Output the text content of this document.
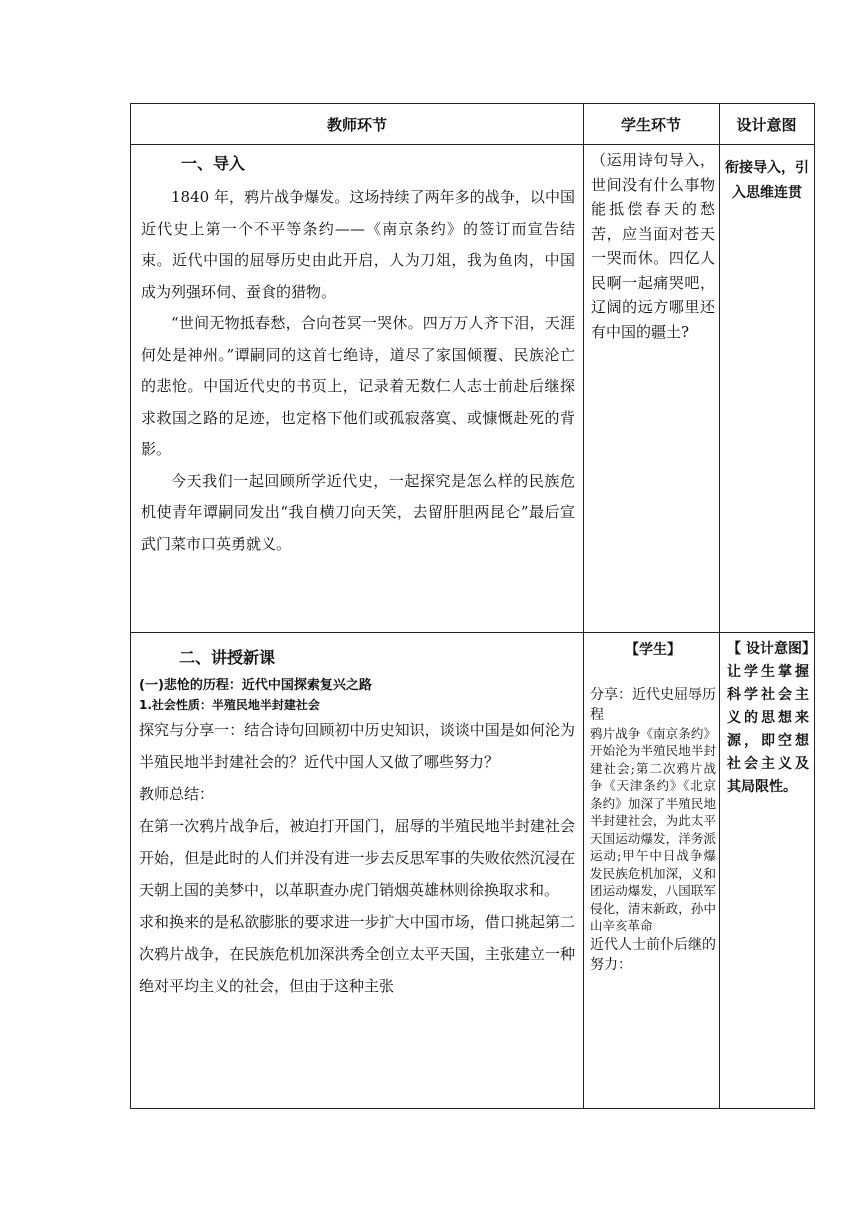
教师环节	学生环节	设计意图

一、导入

1840 年，鸦片战争爆发。这场持续了两年多的战争，以中国近代史上第一个不平等条约——《南京条约》的签订而宣告结束。近代中国的屈辱历史由此开启，人为刀俎，我为鱼肉，中国成为列强环伺、蚕食的猎物。

“世间无物抵春愁，合向苍冥一哭休。四万万人齐下泪，天涯何处是神州。”谭嗣同的这首七绝诗，道尽了家国倾覆、民族沦亡的悲怆。中国近代史的书页上，记录着无数仁人志士前赴后继探求救国之路的足迹，也定格下他们或孤寂落寞、或慷慨赴死的背影。

今天我们一起回顾所学近代史，一起探究是怎么样的民族危机使青年谭嗣同发出“我自横刀向天笑，去留肝胆两昆仑”最后宣武门菜市口英勇就义。

（运用诗句导入，世间没有什么事物能抵偿春天的愁苦，应当面对苍天一哭而休。四亿人民啊一起痛哭吧，辽阔的远方哪里还有中国的疆土?

衔接导入，引入思维连贯

二、讲授新课

(一)悲怆的历程：近代中国探索复兴之路

1.社会性质：半殖民地半封建社会

探究与分享一：结合诗句回顾初中历史知识，谈谈中国是如何沦为半殖民地半封建社会的？近代中国人又做了哪些努力？

教师总结：

在第一次鸦片战争后，被迫打开国门，屈辱的半殖民地半封建社会开始，但是此时的人们并没有进一步去反思军事的失败依然沉浸在天朝上国的美梦中，以革职查办虎门销烟英雄林则徐换取求和。

求和换来的是私欲膨胀的要求进一步扩大中国市场，借口挑起第二次鸦片战争，在民族危机加深洪秀全创立太平天国，主张建立一种绝对平均主义的社会，但由于这种主张

【学生】

分享：近代史屈辱历程

鸦片战争《南京条约》开始沦为半殖民地半封建社会;第二次鸦片战争《天津条约》《北京条约》加深了半殖民地半封建社会，为此太平天国运动爆发，洋务派运动;甲午中日战争爆发民族危机加深，义和团运动爆发，八国联军侵化，清末新政，孙中山辛亥革命

近代人士前仆后继的努力：

【 设计意图】让学生掌握科学社会主义的思想来源，即空想社会主义及其局限性。
